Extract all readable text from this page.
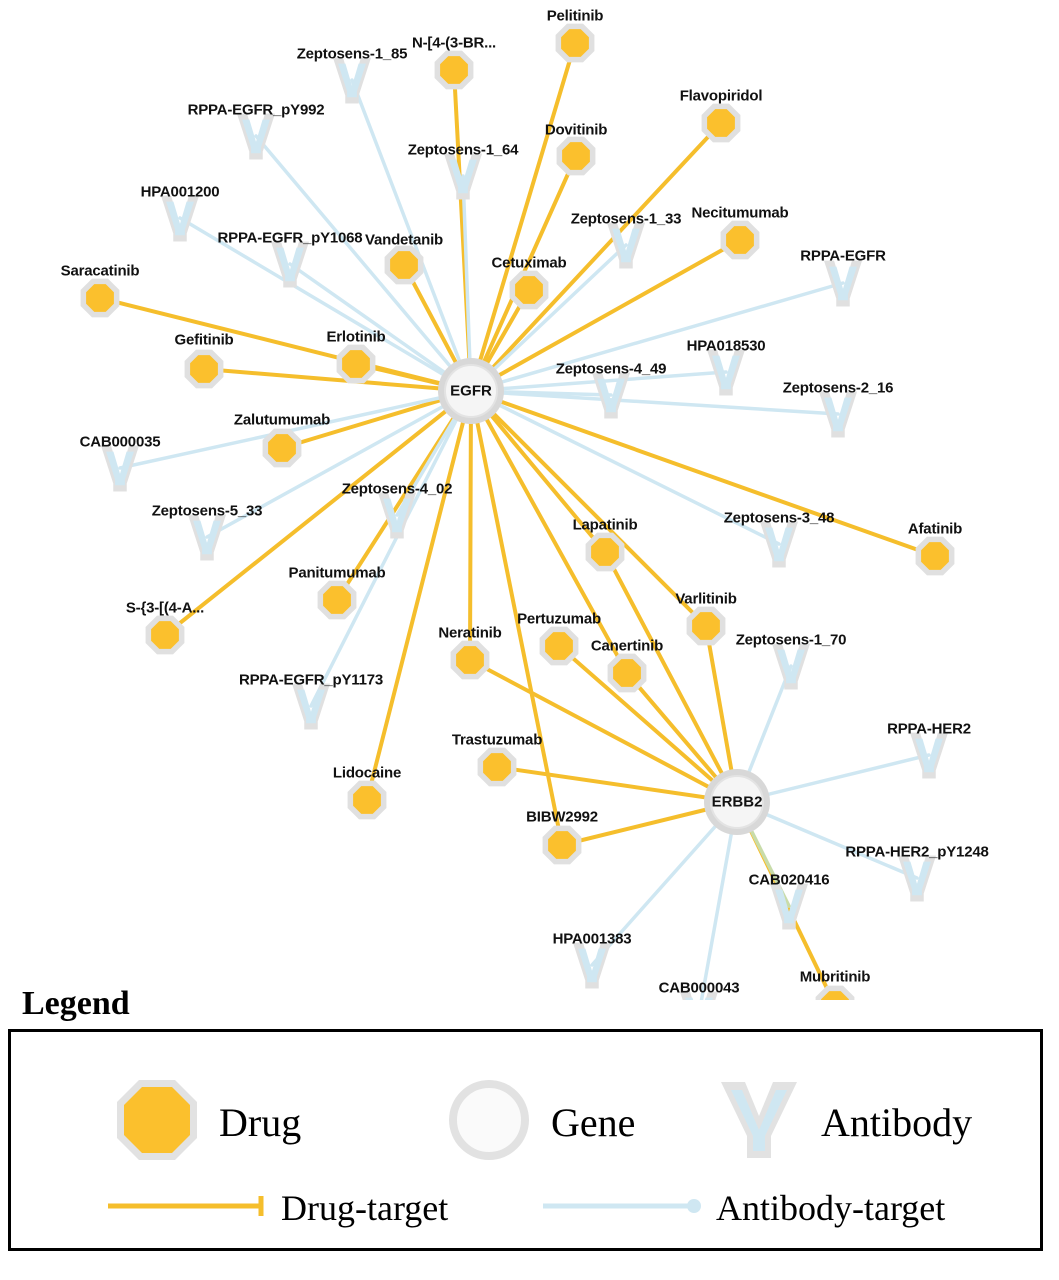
Zeptosens-1_85
RPPA-EGFR_pY992
Zeptosens-1_64
HPA001200
Zeptosens-1_33
RPPA-EGFR_pY1068
RPPA-EGFR
HPA018530
Zeptosens-4_49
Zeptosens-2_16
CAB000035
Zeptosens-4_02
Zeptosens-5_33	Zeptosens-3_48
Zeptosens-1_70
RPPA-EGFR_pY1173
RPPA-HER2
RPPA-HER2_pY1248
CAB020416
HPA001383
CAB000043
Pelitinib
N-[4-(3-BR...
Flavopiridol
Dovitinib
Necitumumab
Vandetanib
Cetuximab
Saracatinib
Gefitinib	Erlotinib
Zalutumumab
Lapatinib	Afatinib
Panitumumab
Varlitinib
S-{3-[(4-A...
Pertuzumab
Neratinib
Canertinib
Trastuzumab
Lidocaine
BIBW2992
Mubritinib
EGFR
ERBB2
Legend
Drug	Gene	Antibody
Drug-target	Antibody-target
